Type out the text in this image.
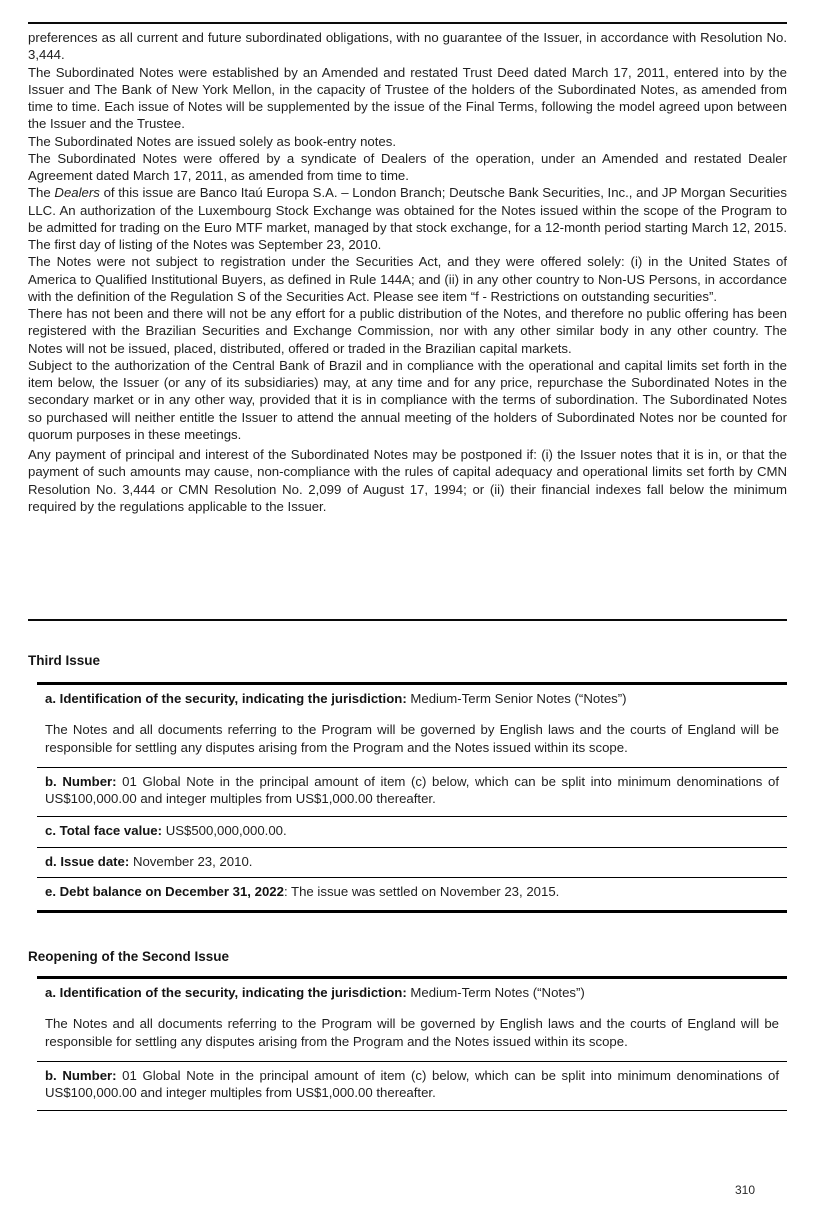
preferences as all current and future subordinated obligations, with no guarantee of the Issuer, in accordance with Resolution No. 3,444.

The Subordinated Notes were established by an Amended and restated Trust Deed dated March 17, 2011, entered into by the Issuer and The Bank of New York Mellon, in the capacity of Trustee of the holders of the Subordinated Notes, as amended from time to time. Each issue of Notes will be supplemented by the issue of the Final Terms, following the model agreed upon between the Issuer and the Trustee.

The Subordinated Notes are issued solely as book-entry notes.

The Subordinated Notes were offered by a syndicate of Dealers of the operation, under an Amended and restated Dealer Agreement dated March 17, 2011, as amended from time to time.

The Dealers of this issue are Banco Itaú Europa S.A. – London Branch; Deutsche Bank Securities, Inc., and JP Morgan Securities LLC. An authorization of the Luxembourg Stock Exchange was obtained for the Notes issued within the scope of the Program to be admitted for trading on the Euro MTF market, managed by that stock exchange, for a 12-month period starting March 12, 2015. The first day of listing of the Notes was September 23, 2010.

The Notes were not subject to registration under the Securities Act, and they were offered solely: (i) in the United States of America to Qualified Institutional Buyers, as defined in Rule 144A; and (ii) in any other country to Non-US Persons, in accordance with the definition of the Regulation S of the Securities Act. Please see item “f - Restrictions on outstanding securities”.

There has not been and there will not be any effort for a public distribution of the Notes, and therefore no public offering has been registered with the Brazilian Securities and Exchange Commission, nor with any other similar body in any other country. The Notes will not be issued, placed, distributed, offered or traded in the Brazilian capital markets.

Subject to the authorization of the Central Bank of Brazil and in compliance with the operational and capital limits set forth in the item below, the Issuer (or any of its subsidiaries) may, at any time and for any price, repurchase the Subordinated Notes in the secondary market or in any other way, provided that it is in compliance with the terms of subordination. The Subordinated Notes so purchased will neither entitle the Issuer to attend the annual meeting of the holders of Subordinated Notes nor be counted for quorum purposes in these meetings.

Any payment of principal and interest of the Subordinated Notes may be postponed if: (i) the Issuer notes that it is in, or that the payment of such amounts may cause, non-compliance with the rules of capital adequacy and operational limits set forth by CMN Resolution No. 3,444 or CMN Resolution No. 2,099 of August 17, 1994; or (ii) their financial indexes fall below the minimum required by the regulations applicable to the Issuer.

Third Issue
a. Identification of the security, indicating the jurisdiction: Medium-Term Senior Notes (“Notes”)

The Notes and all documents referring to the Program will be governed by English laws and the courts of England will be responsible for settling any disputes arising from the Program and the Notes issued within its scope.

b. Number: 01 Global Note in the principal amount of item (c) below, which can be split into minimum denominations of US$100,000.00 and integer multiples from US$1,000.00 thereafter.
c. Total face value: US$500,000,000.00.
d. Issue date: November 23, 2010.
e. Debt balance on December 31, 2022: The issue was settled on November 23, 2015.
Reopening of the Second Issue
a. Identification of the security, indicating the jurisdiction: Medium-Term Notes (“Notes”)

The Notes and all documents referring to the Program will be governed by English laws and the courts of England will be responsible for settling any disputes arising from the Program and the Notes issued within its scope.

b. Number: 01 Global Note in the principal amount of item (c) below, which can be split into minimum denominations of US$100,000.00 and integer multiples from US$1,000.00 thereafter.
310
